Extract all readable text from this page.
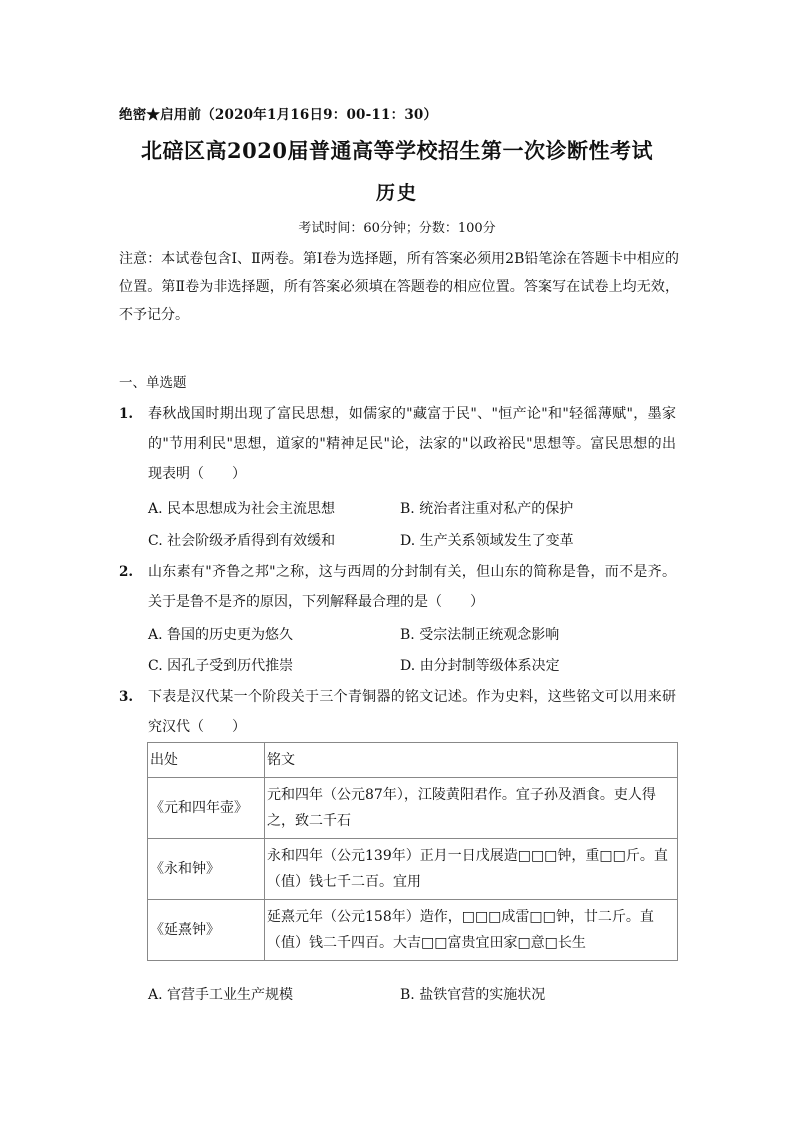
绝密★启用前（2020年1月16日9：00-11：30）
北碚区高2020届普通高等学校招生第一次诊断性考试
历史
考试时间：60分钟；分数：100分
注意：本试卷包含Ⅰ、Ⅱ两卷。第Ⅰ卷为选择题，所有答案必须用2B铅笔涂在答题卡中相应的位置。第Ⅱ卷为非选择题，所有答案必须填在答题卷的相应位置。答案写在试卷上均无效，不予记分。
一、单选题
1. 春秋战国时期出现了富民思想，如儒家的"藏富于民"、"恒产论"和"轻徭薄赋"，墨家的"节用利民"思想，道家的"精神足民"论，法家的"以政裕民"思想等。富民思想的出现表明（　　）
A. 民本思想成为社会主流思想	B. 统治者注重对私产的保护
C. 社会阶级矛盾得到有效缓和	D. 生产关系领域发生了变革
2. 山东素有"齐鲁之邦"之称，这与西周的分封制有关，但山东的简称是鲁，而不是齐。关于是鲁不是齐的原因，下列解释最合理的是（　　）
A. 鲁国的历史更为悠久	B. 受宗法制正统观念影响
C. 因孔子受到历代推崇	D. 由分封制等级体系决定
3. 下表是汉代某一个阶段关于三个青铜器的铭文记述。作为史料，这些铭文可以用来研究汉代（　　）
出处	铭文
《元和四年壶》	元和四年（公元87年），江陵黄阳君作。宜子孙及酒食。吏人得之，致二千石
《永和钟》	永和四年（公元139年）正月一日戊展造□□□钟，重□□斤。直（值）钱七千二百。宜用
《延熹钟》	延熹元年（公元158年）造作，□□□成雷□□钟，廿二斤。直（值）钱二千四百。大吉□□富贵宜田家□意□长生
A. 官营手工业生产规模	B. 盐铁官营的实施状况
